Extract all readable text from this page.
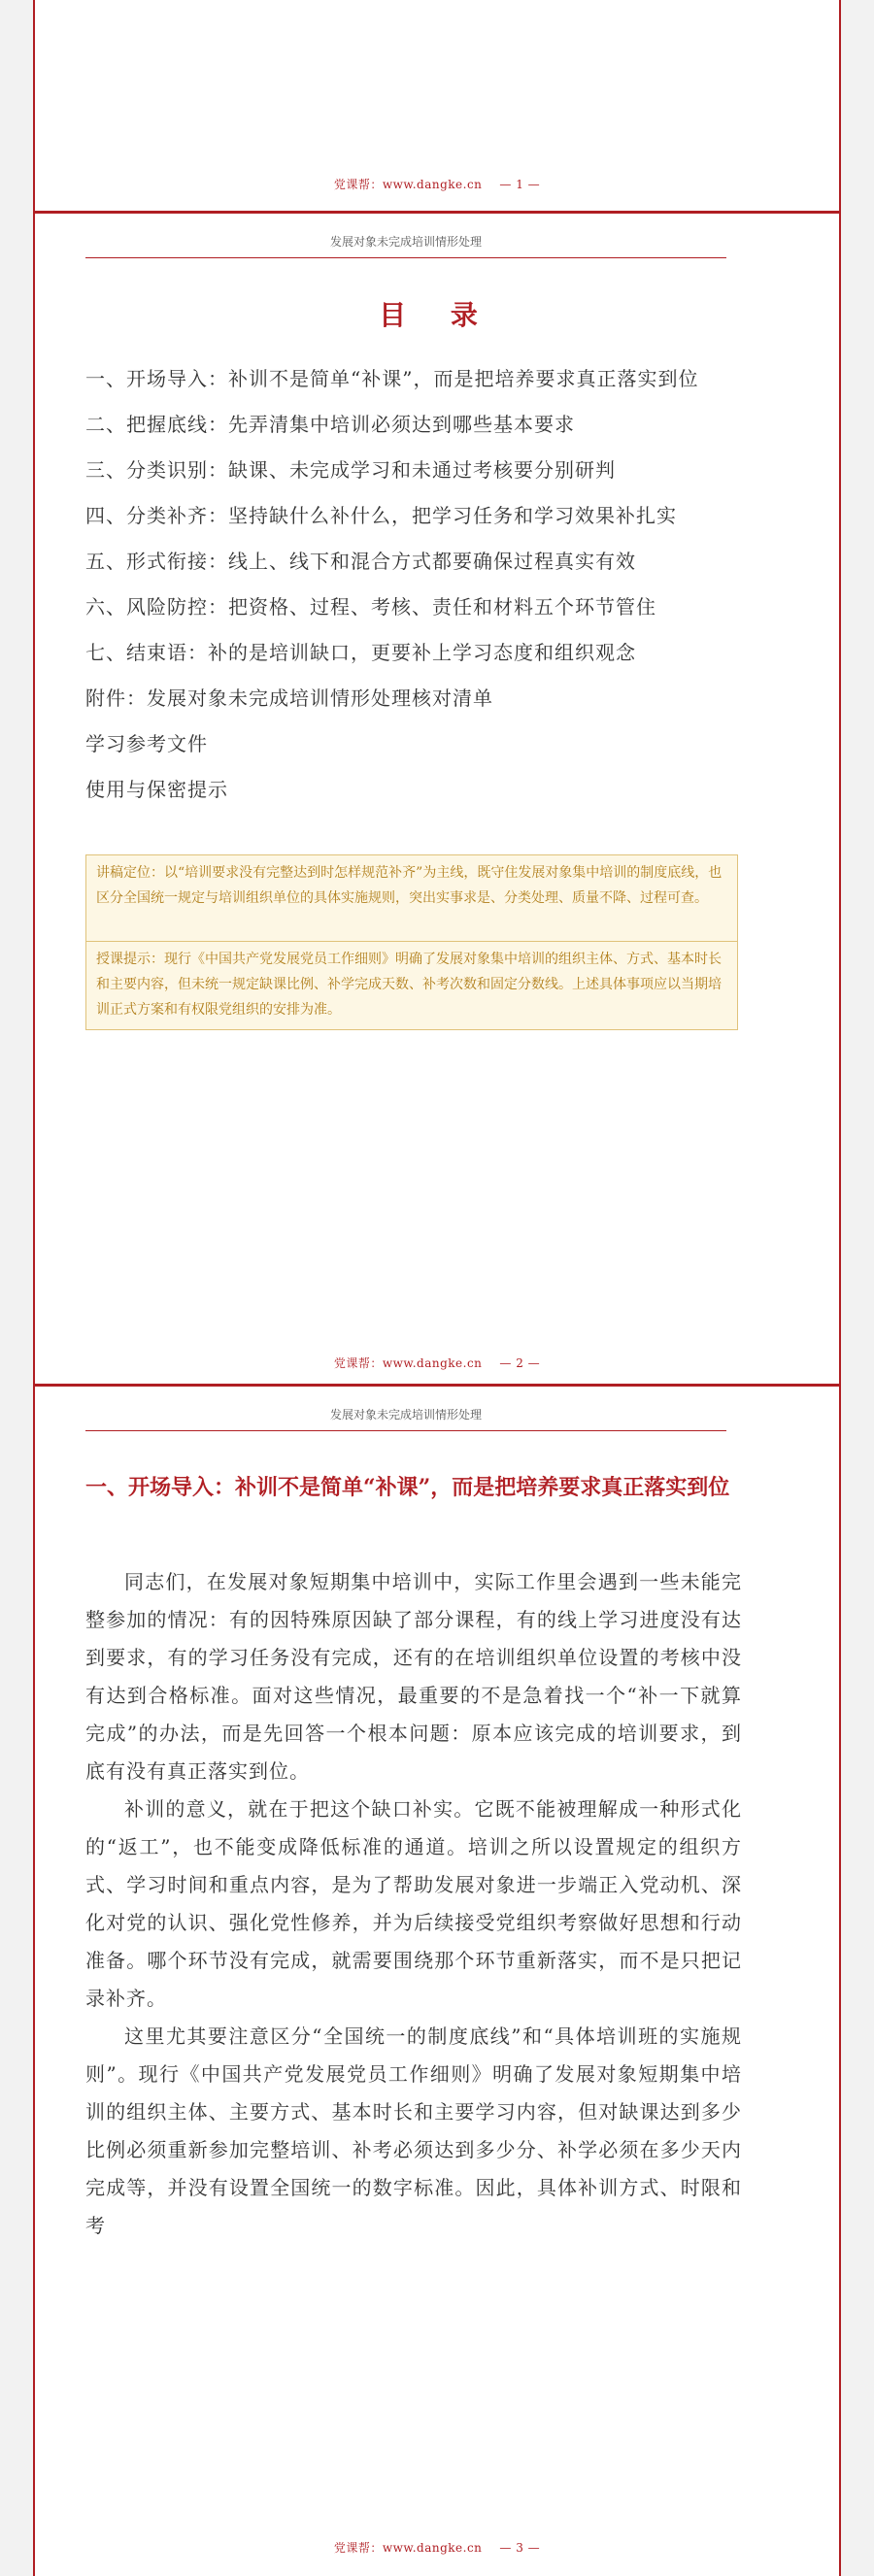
党课帮：www.dangke.cn — 1 —
发展对象未完成培训情形处理
目 录
一、开场导入：补训不是简单“补课”，而是把培养要求真正落实到位
二、把握底线：先弄清集中培训必须达到哪些基本要求
三、分类识别：缺课、未完成学习和未通过考核要分别研判
四、分类补齐：坚持缺什么补什么，把学习任务和学习效果补扎实
五、形式衔接：线上、线下和混合方式都要确保过程真实有效
六、风险防控：把资格、过程、考核、责任和材料五个环节管住
七、结束语：补的是培训缺口，更要补上学习态度和组织观念
附件：发展对象未完成培训情形处理核对清单
学习参考文件
使用与保密提示
讲稿定位：以“培训要求没有完整达到时怎样规范补齐”为主线，既守住发展对象集中培训的制度底线，也区分全国统一规定与培训组织单位的具体实施规则，突出实事求是、分类处理、质量不降、过程可查。
授课提示：现行《中国共产党发展党员工作细则》明确了发展对象集中培训的组织主体、方式、基本时长和主要内容，但未统一规定缺课比例、补学完成天数、补考次数和固定分数线。上述具体事项应以当期培训正式方案和有权限党组织的安排为准。
党课帮：www.dangke.cn — 2 —
发展对象未完成培训情形处理
一、开场导入：补训不是简单“补课”，而是把培养要求真正落实到位

同志们，在发展对象短期集中培训中，实际工作里会遇到一些未能完整参加的情况：有的因特殊原因缺了部分课程，有的线上学习进度没有达到要求，有的学习任务没有完成，还有的在培训组织单位设置的考核中没有达到合格标准。面对这些情况，最重要的不是急着找一个“补一下就算完成”的办法，而是先回答一个根本问题：原本应该完成的培训要求，到底有没有真正落实到位。

补训的意义，就在于把这个缺口补实。它既不能被理解成一种形式化的“返工”，也不能变成降低标准的通道。培训之所以设置规定的组织方式、学习时间和重点内容，是为了帮助发展对象进一步端正入党动机、深化对党的认识、强化党性修养，并为后续接受党组织考察做好思想和行动准备。哪个环节没有完成，就需要围绕那个环节重新落实，而不是只把记录补齐。

这里尤其要注意区分“全国统一的制度底线”和“具体培训班的实施规则”。现行《中国共产党发展党员工作细则》明确了发展对象短期集中培训的组织主体、主要方式、基本时长和主要学习内容，但对缺课达到多少比例必须重新参加完整培训、补考必须达到多少分、补学必须在多少天内完成等，并没有设置全国统一的数字标准。因此，具体补训方式、时限和考

党课帮：www.dangke.cn — 3 —
